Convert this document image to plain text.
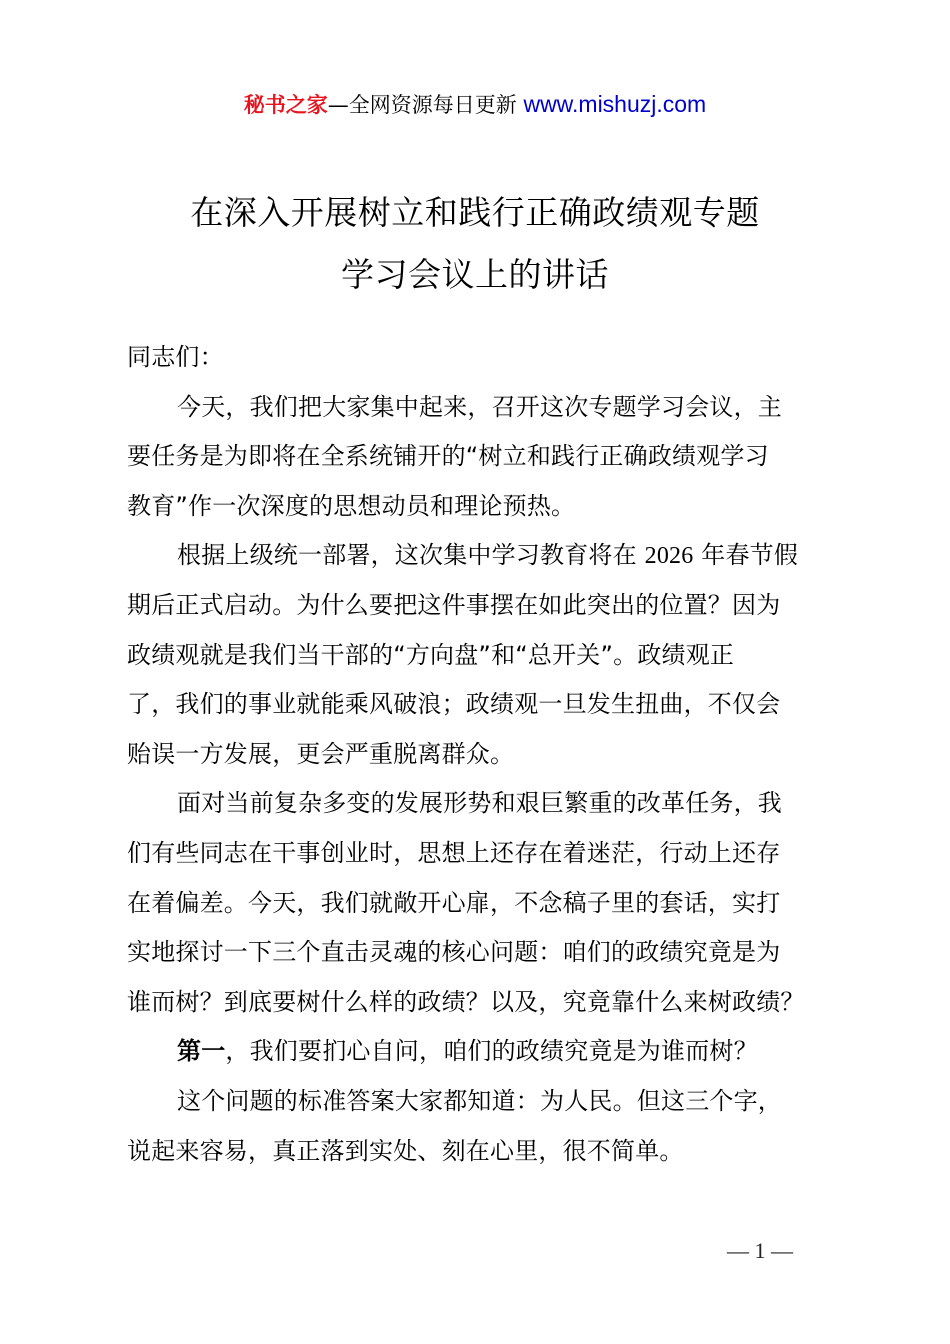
秘书之家—全网资源每日更新 www.mishuzj.com
在深入开展树立和践行正确政绩观专题
学习会议上的讲话
同志们：
今天，我们把大家集中起来，召开这次专题学习会议，主
要任务是为即将在全系统铺开的“树立和践行正确政绩观学习
教育”作一次深度的思想动员和理论预热。
根据上级统一部署，这次集中学习教育将在 2026 年春节假
期后正式启动。为什么要把这件事摆在如此突出的位置？因为
政绩观就是我们当干部的“方向盘”和“总开关”。政绩观正
了，我们的事业就能乘风破浪；政绩观一旦发生扭曲，不仅会
贻误一方发展，更会严重脱离群众。
面对当前复杂多变的发展形势和艰巨繁重的改革任务，我
们有些同志在干事创业时，思想上还存在着迷茫，行动上还存
在着偏差。今天，我们就敞开心扉，不念稿子里的套话，实打
实地探讨一下三个直击灵魂的核心问题：咱们的政绩究竟是为
谁而树？到底要树什么样的政绩？以及，究竟靠什么来树政绩？
第一，我们要扪心自问，咱们的政绩究竟是为谁而树？
这个问题的标准答案大家都知道：为人民。但这三个字，
说起来容易，真正落到实处、刻在心里，很不简单。
— 1 —
